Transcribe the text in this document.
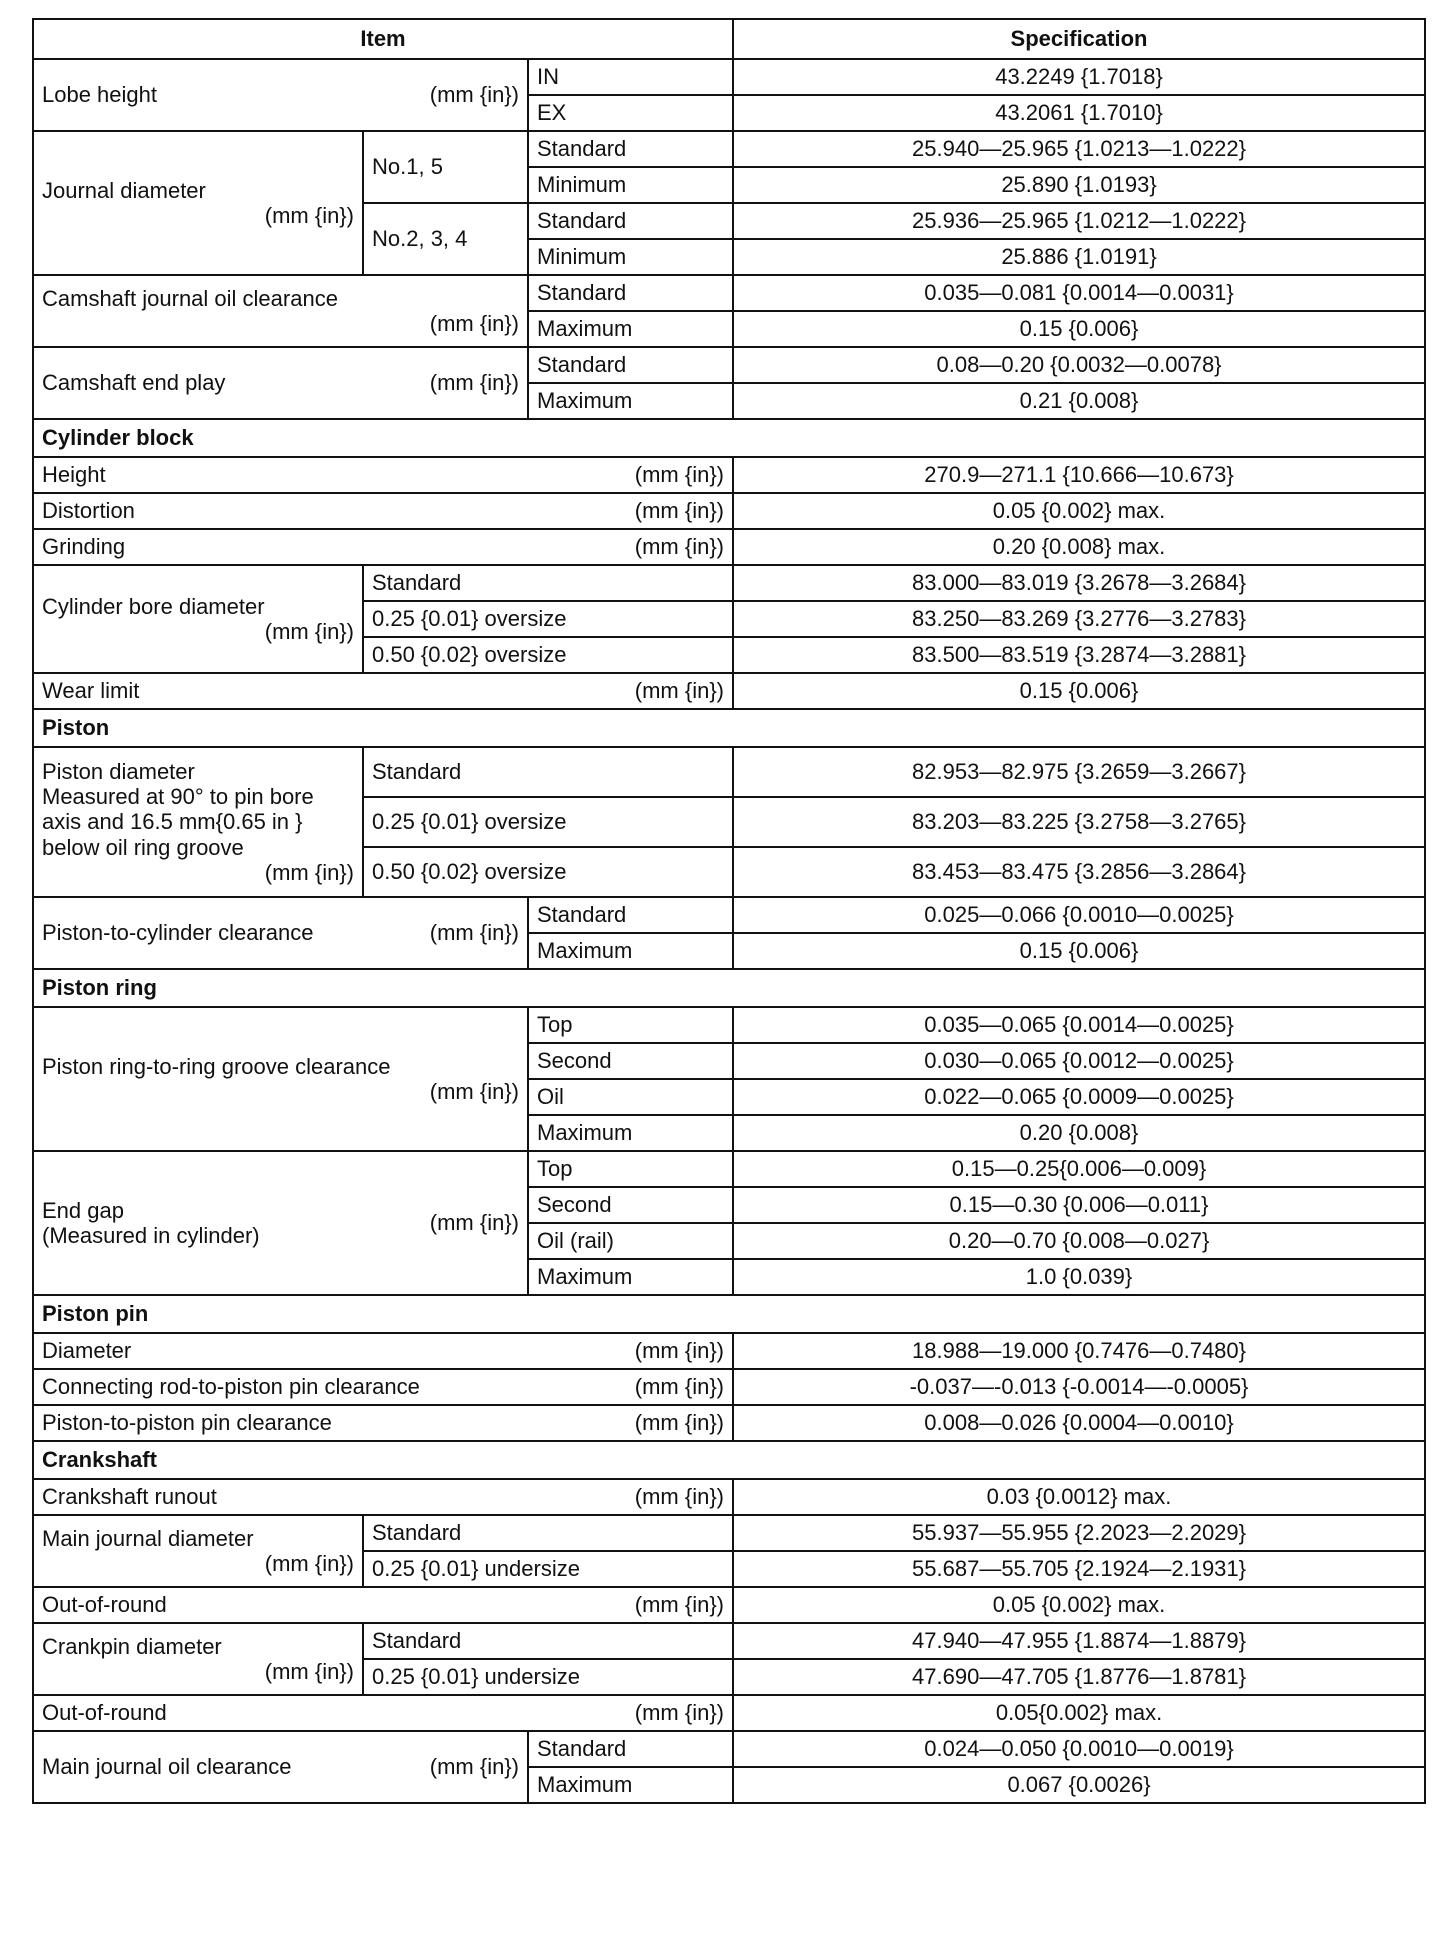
Item			Specification

Lobe height (mm {in})		IN	43.2249 {1.7018}
		EX	43.2061 {1.7010}

Journal diameter
(mm {in})	No.1, 5	Standard	25.940—25.965 {1.0213—1.0222}
		Minimum	25.890 {1.0193}
	No.2, 3, 4	Standard	25.936—25.965 {1.0212—1.0222}
		Minimum	25.886 {1.0191}

Camshaft journal oil clearance
(mm {in})		Standard	0.035—0.081 {0.0014—0.0031}
		Maximum	0.15 {0.006}

Camshaft end play (mm {in})		Standard	0.08—0.20 {0.0032—0.0078}
		Maximum	0.21 {0.008}
Cylinder block			

Height (mm {in})			270.9—271.1 {10.666—10.673}

Distortion (mm {in})			0.05 {0.002} max.

Grinding (mm {in})			0.20 {0.008} max.

Cylinder bore diameter
(mm {in})	Standard		83.000—83.019 {3.2678—3.2684}
	0.25 {0.01} oversize		83.250—83.269 {3.2776—3.2783}
	0.50 {0.02} oversize		83.500—83.519 {3.2874—3.2881}

Wear limit (mm {in})			0.15 {0.006}
Piston			

Piston diameter
Measured at 90° to pin bore
axis and 16.5 mm{0.65 in }
below oil ring groove
(mm {in})	Standard		82.953—82.975 {3.2659—3.2667}
	0.25 {0.01} oversize		83.203—83.225 {3.2758—3.2765}
	0.50 {0.02} oversize		83.453—83.475 {3.2856—3.2864}

Piston-to-cylinder clearance (mm {in})		Standard	0.025—0.066 {0.0010—0.0025}
		Maximum	0.15 {0.006}
Piston ring			

Piston ring-to-ring groove clearance
(mm {in})		Top	0.035—0.065 {0.0014—0.0025}
		Second	0.030—0.065 {0.0012—0.0025}
		Oil	0.022—0.065 {0.0009—0.0025}
		Maximum	0.20 {0.008}

End gap
(Measured in cylinder)
(mm {in})		Top	0.15—0.25{0.006—0.009}
		Second	0.15—0.30 {0.006—0.011}
		Oil (rail)	0.20—0.70 {0.008—0.027}
		Maximum	1.0 {0.039}
Piston pin			

Diameter (mm {in})			18.988—19.000 {0.7476—0.7480}

Connecting rod-to-piston pin clearance (mm {in})			-0.037—-0.013 {-0.0014—-0.0005}

Piston-to-piston pin clearance (mm {in})			0.008—0.026 {0.0004—0.0010}
Crankshaft			

Crankshaft runout (mm {in})			0.03 {0.0012} max.

Main journal diameter
(mm {in})	Standard		55.937—55.955 {2.2023—2.2029}
	0.25 {0.01} undersize		55.687—55.705 {2.1924—2.1931}

Out-of-round (mm {in})			0.05 {0.002} max.

Crankpin diameter
(mm {in})	Standard		47.940—47.955 {1.8874—1.8879}
	0.25 {0.01} undersize		47.690—47.705 {1.8776—1.8781}

Out-of-round (mm {in})			0.05{0.002} max.

Main journal oil clearance (mm {in})		Standard	0.024—0.050 {0.0010—0.0019}
		Maximum	0.067 {0.0026}
